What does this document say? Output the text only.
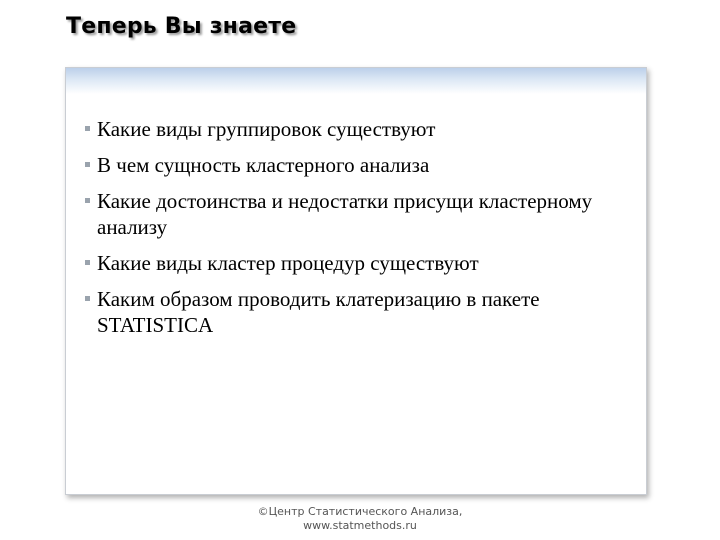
Теперь Вы знаете
Какие виды группировок существуют
В чем сущность кластерного анализа
Какие достоинства и недостатки присущи кластерному анализу
Какие виды кластер процедур существуют
Каким образом проводить клатеризацию в пакете STATISTICA
©Центр Статистического Анализа,
www.statmethods.ru
